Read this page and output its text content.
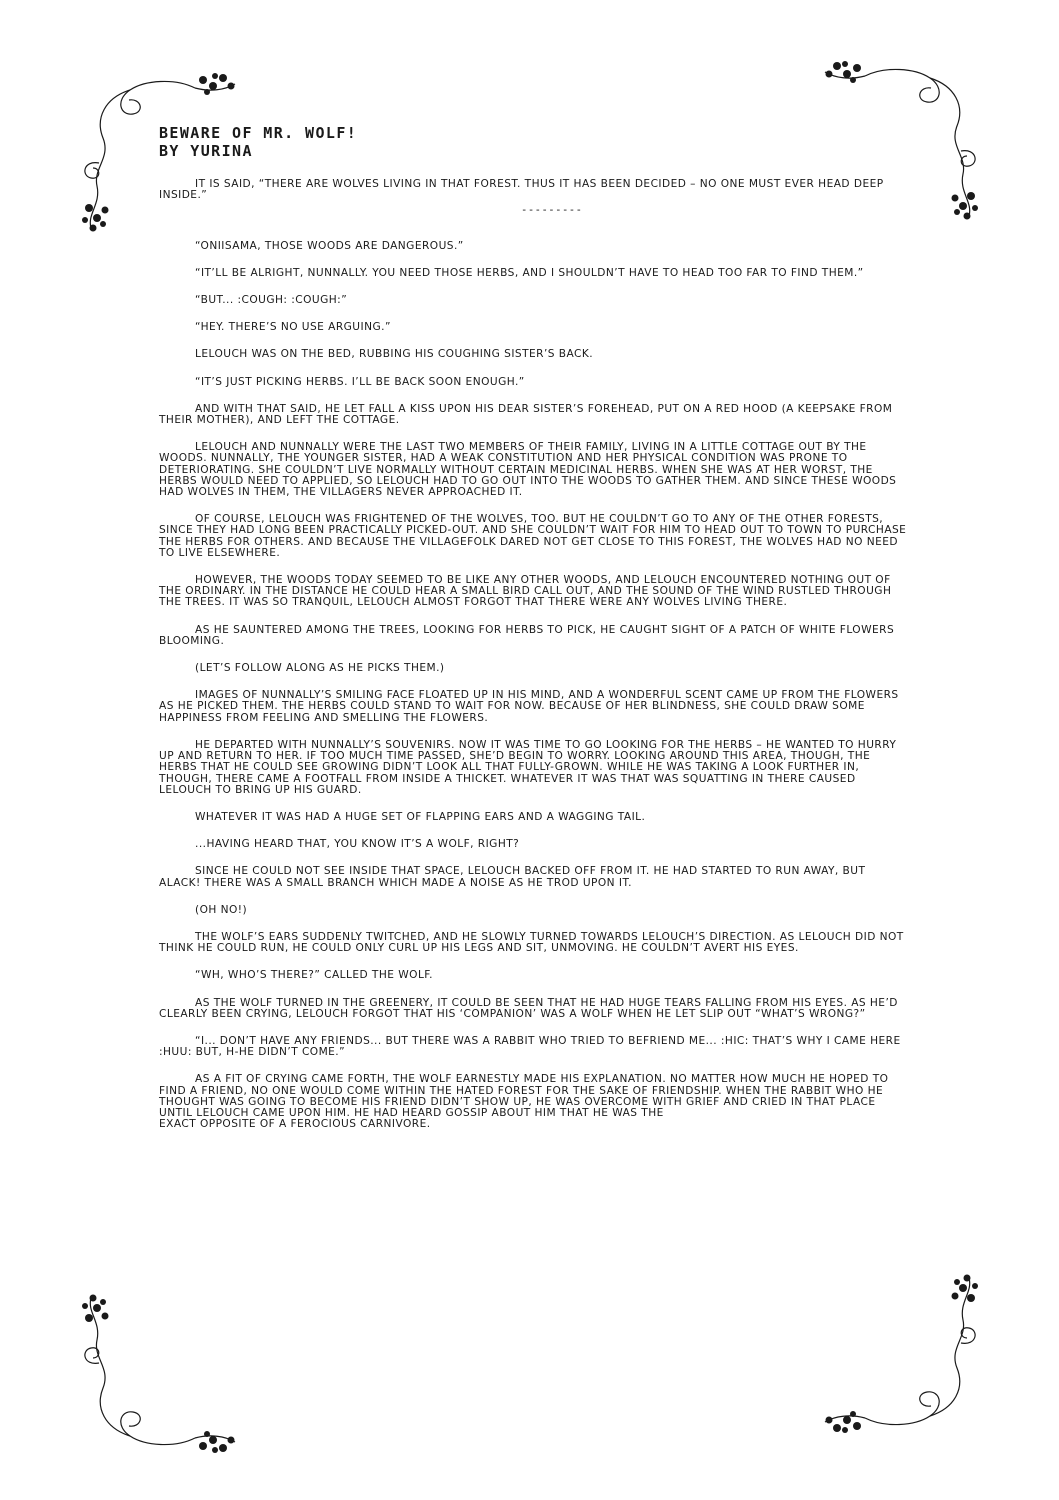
BEWARE OF MR. WOLF!
BY YURINA

IT IS SAID, “THERE ARE WOLVES LIVING IN THAT FOREST. THUS IT HAS BEEN DECIDED – NO ONE MUST EVER HEAD DEEP INSIDE.”

---------

“ONIISAMA, THOSE WOODS ARE DANGEROUS.”

“IT’LL BE ALRIGHT, NUNNALLY. YOU NEED THOSE HERBS, AND I SHOULDN’T HAVE TO HEAD TOO FAR TO FIND THEM.”

“BUT... :COUGH: :COUGH:”

“HEY. THERE’S NO USE ARGUING.”

LELOUCH WAS ON THE BED, RUBBING HIS COUGHING SISTER’S BACK.

“IT’S JUST PICKING HERBS. I’LL BE BACK SOON ENOUGH.”

AND WITH THAT SAID, HE LET FALL A KISS UPON HIS DEAR SISTER’S FOREHEAD, PUT ON A RED HOOD (A KEEPSAKE FROM THEIR MOTHER), AND LEFT THE COTTAGE.

LELOUCH AND NUNNALLY WERE THE LAST TWO MEMBERS OF THEIR FAMILY, LIVING IN A LITTLE COTTAGE OUT BY THE WOODS. NUNNALLY, THE YOUNGER SISTER, HAD A WEAK CONSTITUTION AND HER PHYSICAL CONDITION WAS PRONE TO DETERIORATING. SHE COULDN’T LIVE NORMALLY WITHOUT CERTAIN MEDICINAL HERBS. WHEN SHE WAS AT HER WORST, THE HERBS WOULD NEED TO APPLIED, SO LELOUCH HAD TO GO OUT INTO THE WOODS TO GATHER THEM. AND SINCE THESE WOODS HAD WOLVES IN THEM, THE VILLAGERS NEVER APPROACHED IT.

OF COURSE, LELOUCH WAS FRIGHTENED OF THE WOLVES, TOO. BUT HE COULDN’T GO TO ANY OF THE OTHER FORESTS, SINCE THEY HAD LONG BEEN PRACTICALLY PICKED-OUT. AND SHE COULDN’T WAIT FOR HIM TO HEAD OUT TO TOWN TO PURCHASE THE HERBS FOR OTHERS. AND BECAUSE THE VILLAGEFOLK DARED NOT GET CLOSE TO THIS FOREST, THE WOLVES HAD NO NEED TO LIVE ELSEWHERE.

HOWEVER, THE WOODS TODAY SEEMED TO BE LIKE ANY OTHER WOODS, AND LELOUCH ENCOUNTERED NOTHING OUT OF THE ORDINARY. IN THE DISTANCE HE COULD HEAR A SMALL BIRD CALL OUT, AND THE SOUND OF THE WIND RUSTLED THROUGH THE TREES. IT WAS SO TRANQUIL, LELOUCH ALMOST FORGOT THAT THERE WERE ANY WOLVES LIVING THERE.

AS HE SAUNTERED AMONG THE TREES, LOOKING FOR HERBS TO PICK, HE CAUGHT SIGHT OF A PATCH OF WHITE FLOWERS BLOOMING.

(LET’S FOLLOW ALONG AS HE PICKS THEM.)

IMAGES OF NUNNALLY’S SMILING FACE FLOATED UP IN HIS MIND, AND A WONDERFUL SCENT CAME UP FROM THE FLOWERS AS HE PICKED THEM. THE HERBS COULD STAND TO WAIT FOR NOW. BECAUSE OF HER BLINDNESS, SHE COULD DRAW SOME HAPPINESS FROM FEELING AND SMELLING THE FLOWERS.

HE DEPARTED WITH NUNNALLY’S SOUVENIRS. NOW IT WAS TIME TO GO LOOKING FOR THE HERBS – HE WANTED TO HURRY UP AND RETURN TO HER. IF TOO MUCH TIME PASSED, SHE’D BEGIN TO WORRY. LOOKING AROUND THIS AREA, THOUGH, THE HERBS THAT HE COULD SEE GROWING DIDN’T LOOK ALL THAT FULLY-GROWN. WHILE HE WAS TAKING A LOOK FURTHER IN, THOUGH, THERE CAME A FOOTFALL FROM INSIDE A THICKET. WHATEVER IT WAS THAT WAS SQUATTING IN THERE CAUSED LELOUCH TO BRING UP HIS GUARD.

WHATEVER IT WAS HAD A HUGE SET OF FLAPPING EARS AND A WAGGING TAIL.

...HAVING HEARD THAT, YOU KNOW IT’S A WOLF, RIGHT?

SINCE HE COULD NOT SEE INSIDE THAT SPACE, LELOUCH BACKED OFF FROM IT. HE HAD STARTED TO RUN AWAY, BUT ALACK! THERE WAS A SMALL BRANCH WHICH MADE A NOISE AS HE TROD UPON IT.

(OH NO!)

THE WOLF’S EARS SUDDENLY TWITCHED, AND HE SLOWLY TURNED TOWARDS LELOUCH’S DIRECTION. AS LELOUCH DID NOT THINK HE COULD RUN, HE COULD ONLY CURL UP HIS LEGS AND SIT, UNMOVING. HE COULDN’T AVERT HIS EYES.

“WH, WHO’S THERE?” CALLED THE WOLF.

AS THE WOLF TURNED IN THE GREENERY, IT COULD BE SEEN THAT HE HAD HUGE TEARS FALLING FROM HIS EYES. AS HE’D CLEARLY BEEN CRYING, LELOUCH FORGOT THAT HIS ‘COMPANION’ WAS A WOLF WHEN HE LET SLIP OUT “WHAT’S WRONG?”

“I... DON’T HAVE ANY FRIENDS... BUT THERE WAS A RABBIT WHO TRIED TO BEFRIEND ME... :HIC: THAT’S WHY I CAME HERE :HUU: BUT, H-HE DIDN’T COME.”

AS A FIT OF CRYING CAME FORTH, THE WOLF EARNESTLY MADE HIS EXPLANATION. NO MATTER HOW MUCH HE HOPED TO FIND A FRIEND, NO ONE WOULD COME WITHIN THE HATED FOREST FOR THE SAKE OF FRIENDSHIP. WHEN THE RABBIT WHO HE THOUGHT WAS GOING TO BECOME HIS FRIEND DIDN’T SHOW UP, HE WAS OVERCOME WITH GRIEF AND CRIED IN THAT PLACE UNTIL LELOUCH CAME UPON HIM. HE HAD HEARD GOSSIP ABOUT HIM THAT HE WAS THE

EXACT OPPOSITE OF A FEROCIOUS CARNIVORE.
